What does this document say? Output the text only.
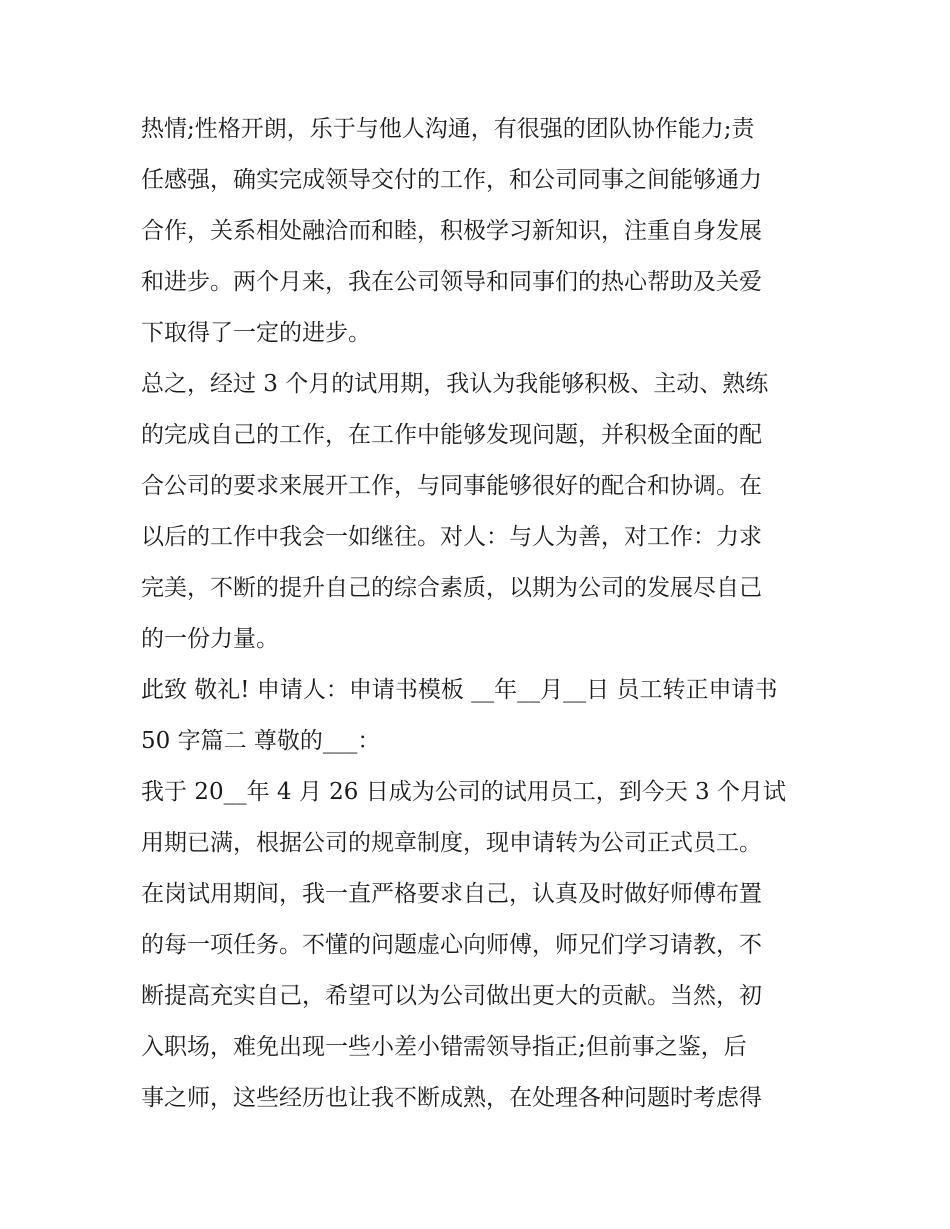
热情;性格开朗，乐于与他人沟通，有很强的团队协作能力;责
任感强，确实完成领导交付的工作，和公司同事之间能够通力
合作，关系相处融洽而和睦，积极学习新知识，注重自身发展
和进步。两个月来，我在公司领导和同事们的热心帮助及关爱
下取得了一定的进步。
总之，经过 3 个月的试用期，我认为我能够积极、主动、熟练
的完成自己的工作，在工作中能够发现问题，并积极全面的配
合公司的要求来展开工作，与同事能够很好的配合和协调。在
以后的工作中我会一如继往。对人：与人为善，对工作：力求
完美，不断的提升自己的综合素质，以期为公司的发展尽自己
的一份力量。
此致 敬礼! 申请人：申请书模板 __年__月__日 员工转正申请书
50 字篇二 尊敬的___：
我于 20__年 4 月 26 日成为公司的试用员工，到今天 3 个月试
用期已满，根据公司的规章制度，现申请转为公司正式员工。
在岗试用期间，我一直严格要求自己，认真及时做好师傅布置
的每一项任务。不懂的问题虚心向师傅，师兄们学习请教，不
断提高充实自己，希望可以为公司做出更大的贡献。当然，初
入职场，难免出现一些小差小错需领导指正;但前事之鉴，后
事之师，这些经历也让我不断成熟，在处理各种问题时考虑得
